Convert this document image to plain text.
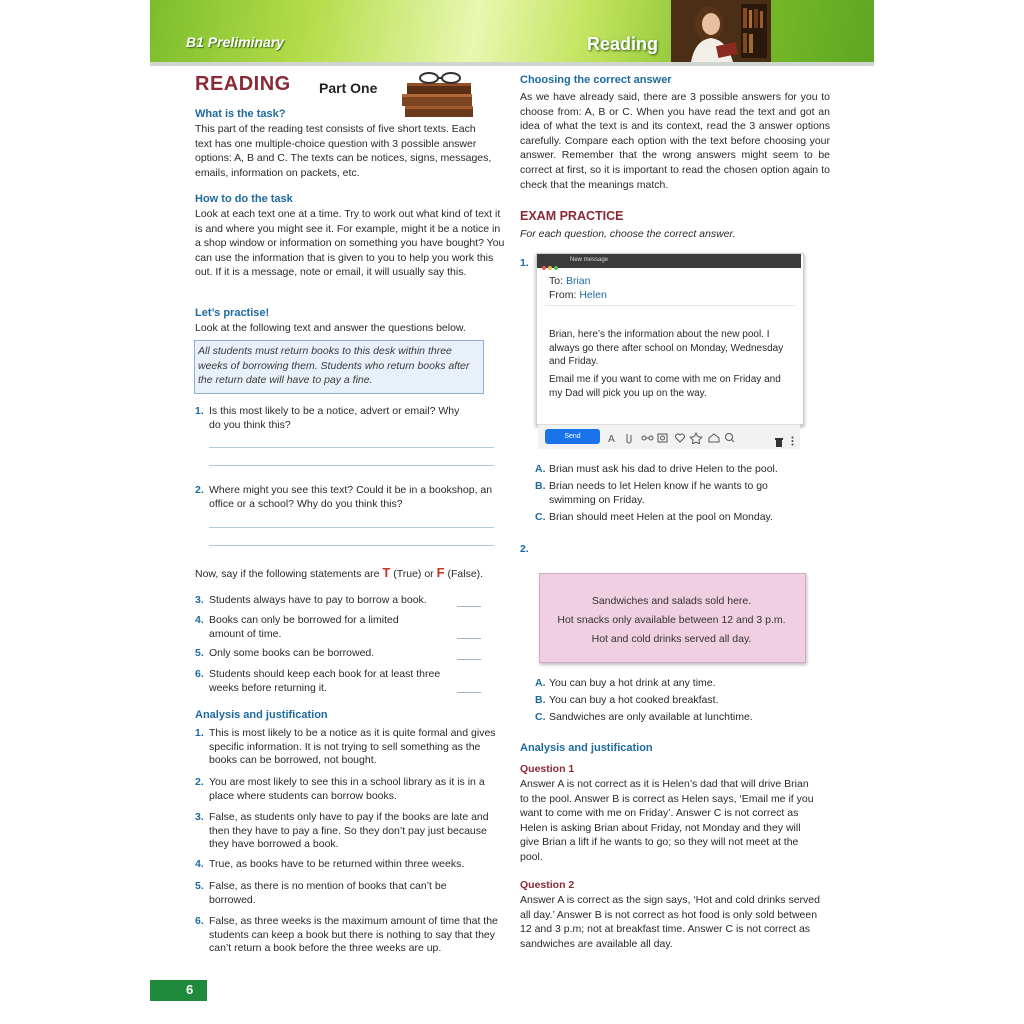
B1 Preliminary	Reading
READING Part One
What is the task?
This part of the reading test consists of five short texts. Each text has one multiple-choice question with 3 possible answer options: A, B and C. The texts can be notices, signs, messages, emails, information on packets, etc.
How to do the task
Look at each text one at a time. Try to work out what kind of text it is and where you might see it. For example, might it be a notice in a shop window or information on something you have bought? You can use the information that is given to you to help you work this out. If it is a message, note or email, it will usually say this.
Let’s practise!
Look at the following text and answer the questions below.
All students must return books to this desk within three weeks of borrowing them. Students who return books after the return date will have to pay a fine.
1. Is this most likely to be a notice, advert or email? Why do you think this?
2. Where might you see this text? Could it be in a bookshop, an office or a school? Why do you think this?
Now, say if the following statements are T (True) or F (False).
3. Students always have to pay to borrow a book.
4. Books can only be borrowed for a limited amount of time.
5. Only some books can be borrowed.
6. Students should keep each book for at least three weeks before returning it.
Analysis and justification
1. This is most likely to be a notice as it is quite formal and gives specific information. It is not trying to sell something as the books can be borrowed, not bought.
2. You are most likely to see this in a school library as it is in a place where students can borrow books.
3. False, as students only have to pay if the books are late and then they have to pay a fine. So they don’t pay just because they have borrowed a book.
4. True, as books have to be returned within three weeks.
5. False, as there is no mention of books that can’t be borrowed.
6. False, as three weeks is the maximum amount of time that the students can keep a book but there is nothing to say that they can’t return a book before the three weeks are up.
6
Choosing the correct answer
As we have already said, there are 3 possible answers for you to choose from: A, B or C. When you have read the text and got an idea of what the text is and its context, read the 3 answer options carefully. Compare each option with the text before choosing your answer. Remember that the wrong answers might seem to be correct at first, so it is important to read the chosen option again to check that the meanings match.
EXAM PRACTICE
For each question, choose the correct answer.
1.	New message
To: Brian
From: Helen
Brian, here’s the information about the new pool. I always go there after school on Monday, Wednesday and Friday.
Email me if you want to come with me on Friday and my Dad will pick you up on the way.
Send	A
A. Brian must ask his dad to drive Helen to the pool.
B. Brian needs to let Helen know if he wants to go swimming on Friday.
C. Brian should meet Helen at the pool on Monday.
2.
Sandwiches and salads sold here.
Hot snacks only available between 12 and 3 p.m.
Hot and cold drinks served all day.
A. You can buy a hot drink at any time.
B. You can buy a hot cooked breakfast.
C. Sandwiches are only available at lunchtime.
Analysis and justification
Question 1
Answer A is not correct as it is Helen’s dad that will drive Brian to the pool. Answer B is correct as Helen says, ‘Email me if you want to come with me on Friday’. Answer C is not correct as Helen is asking Brian about Friday, not Monday and they will give Brian a lift if he wants to go; so they will not meet at the pool.
Question 2
Answer A is correct as the sign says, ‘Hot and cold drinks served all day.’ Answer B is not correct as hot food is only sold between 12 and 3 p.m; not at breakfast time. Answer C is not correct as sandwiches are available all day.
